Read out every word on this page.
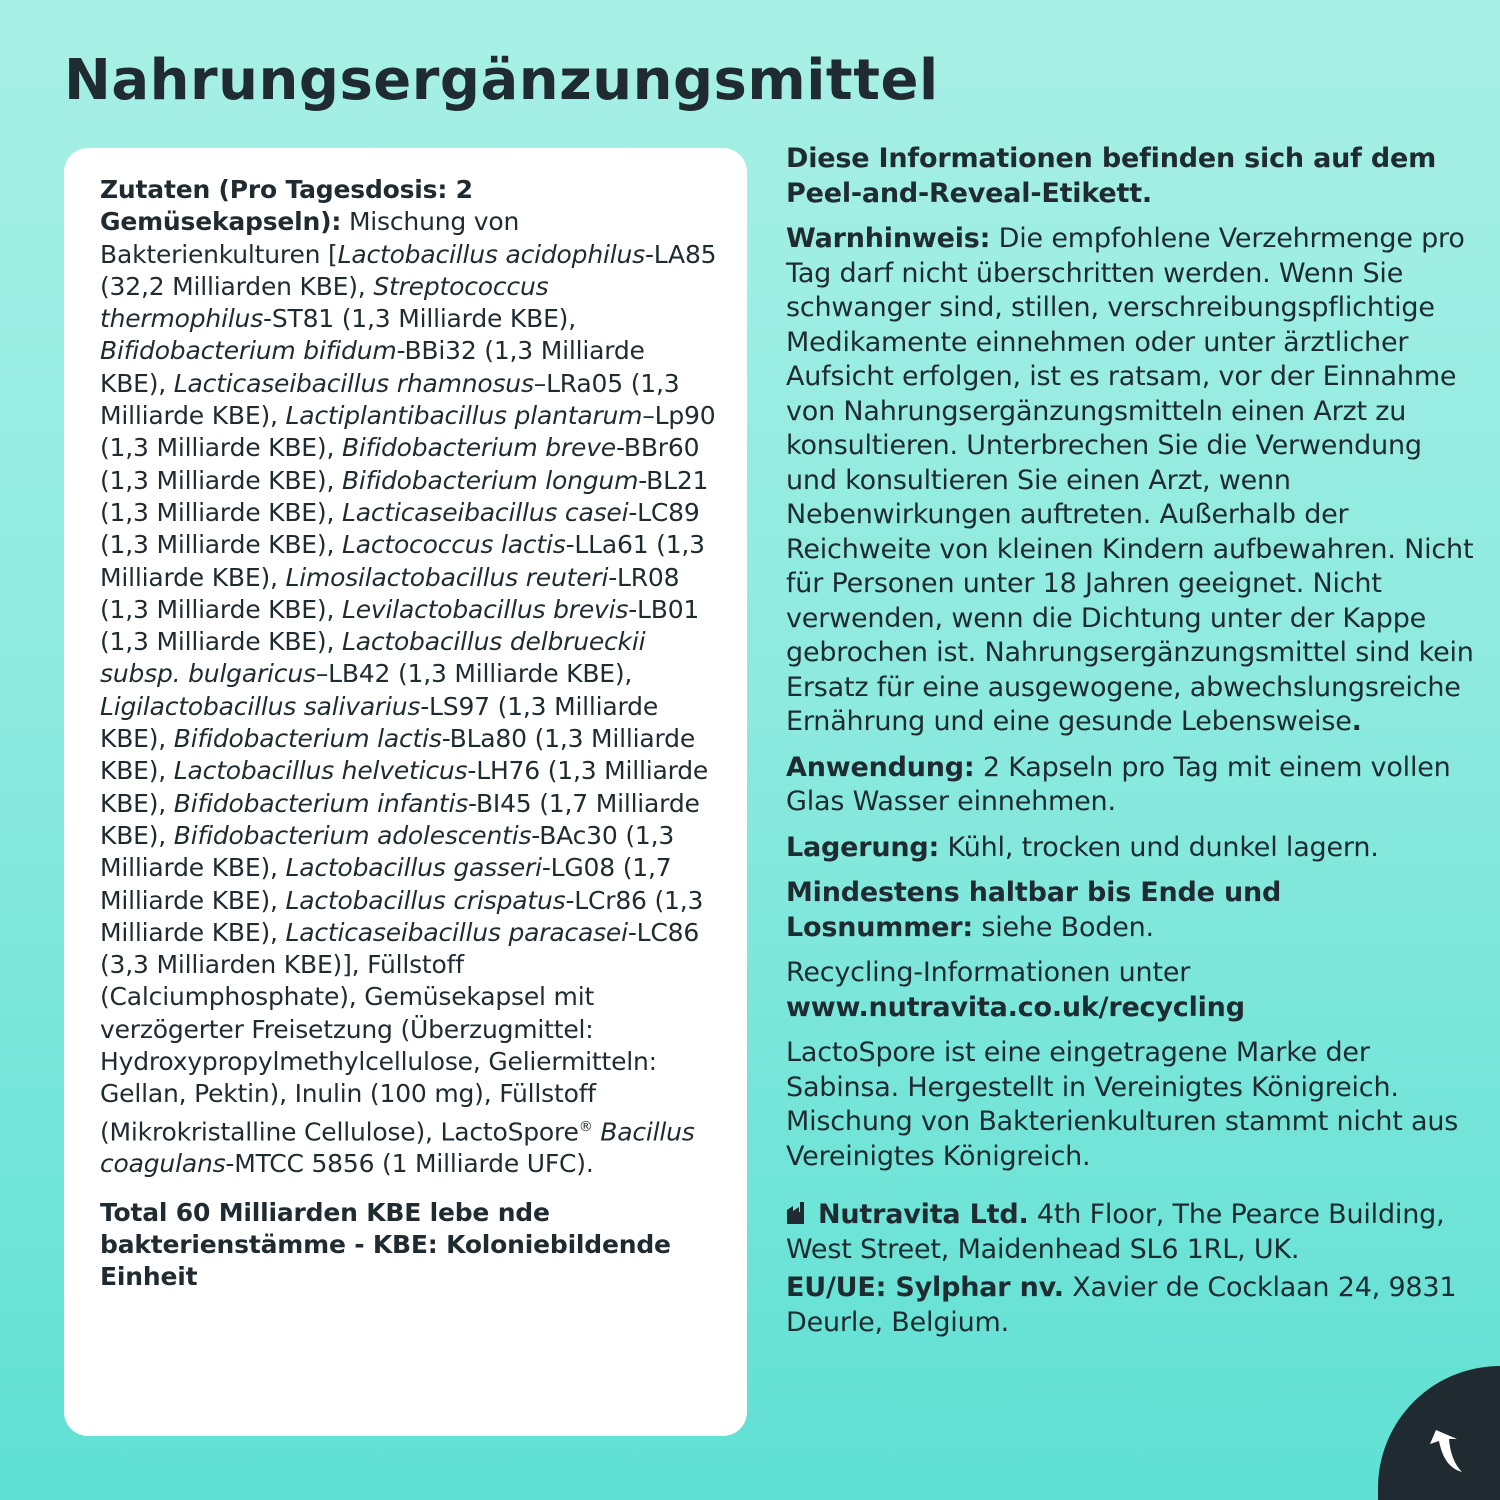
Nahrungsergänzungsmittel

Zutaten (Pro Tagesdosis: 2 Gemüsekapseln): Mischung von Bakterienkulturen [Lactobacillus acidophilus-LA85 (32,2 Milliarden KBE), Streptococcus thermophilus-ST81 (1,3 Milliarde KBE), Bifidobacterium bifidum-BBi32 (1,3 Milliarde KBE), Lacticaseibacillus rhamnosus–LRa05 (1,3 Milliarde KBE), Lactiplantibacillus plantarum–Lp90 (1,3 Milliarde KBE), Bifidobacterium breve-BBr60 (1,3 Milliarde KBE), Bifidobacterium longum-BL21 (1,3 Milliarde KBE), Lacticaseibacillus casei-LC89 (1,3 Milliarde KBE), Lactococcus lactis-LLa61 (1,3 Milliarde KBE), Limosilactobacillus reuteri-LR08 (1,3 Milliarde KBE), Levilactobacillus brevis-LB01 (1,3 Milliarde KBE), Lactobacillus delbrueckii subsp. bulgaricus–LB42 (1,3 Milliarde KBE), Ligilactobacillus salivarius-LS97 (1,3 Milliarde KBE), Bifidobacterium lactis-BLa80 (1,3 Milliarde KBE), Lactobacillus helveticus-LH76 (1,3 Milliarde KBE), Bifidobacterium infantis-BI45 (1,7 Milliarde KBE), Bifidobacterium adolescentis-BAc30 (1,3 Milliarde KBE), Lactobacillus gasseri-LG08 (1,7 Milliarde KBE), Lactobacillus crispatus-LCr86 (1,3 Milliarde KBE), Lacticaseibacillus paracasei-LC86 (3,3 Milliarden KBE)], Füllstoff (Calciumphosphate), Gemüsekapsel mit verzögerter Freisetzung (Überzugmittel: Hydroxypropylmethylcellulose, Geliermitteln: Gellan, Pektin), Inulin (100 mg), Füllstoff (Mikrokristalline Cellulose), LactoSpore® Bacillus coagulans-MTCC 5856 (1 Milliarde UFC).

Total 60 Milliarden KBE lebe nde bakterienstämme - KBE: Koloniebildende Einheit

Diese Informationen befinden sich auf dem Peel-and-Reveal-Etikett.

Warnhinweis: Die empfohlene Verzehrmenge pro Tag darf nicht überschritten werden. Wenn Sie schwanger sind, stillen, verschreibungspflichtige Medikamente einnehmen oder unter ärztlicher Aufsicht erfolgen, ist es ratsam, vor der Einnahme von Nahrungsergänzungsmitteln einen Arzt zu konsultieren. Unterbrechen Sie die Verwendung und konsultieren Sie einen Arzt, wenn Nebenwirkungen auftreten. Außerhalb der Reichweite von kleinen Kindern aufbewahren. Nicht für Personen unter 18 Jahren geeignet. Nicht verwenden, wenn die Dichtung unter der Kappe gebrochen ist. Nahrungsergänzungsmittel sind kein Ersatz für eine ausgewogene, abwechslungsreiche Ernährung und eine gesunde Lebensweise.

Anwendung: 2 Kapseln pro Tag mit einem vollen Glas Wasser einnehmen.

Lagerung: Kühl, trocken und dunkel lagern.

Mindestens haltbar bis Ende und Losnummer: siehe Boden.

Recycling-Informationen unter
www.nutravita.co.uk/recycling

LactoSpore ist eine eingetragene Marke der Sabinsa. Hergestellt in Vereinigtes Königreich. Mischung von Bakterienkulturen stammt nicht aus Vereinigtes Königreich.

Nutravita Ltd. 4th Floor, The Pearce Building, West Street, Maidenhead SL6 1RL, UK.

EU/UE: Sylphar nv. Xavier de Cocklaan 24, 9831 Deurle, Belgium.
